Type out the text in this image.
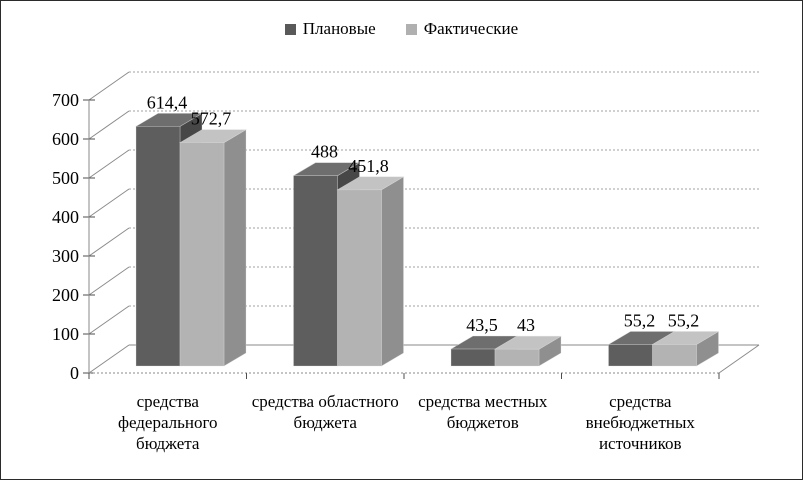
Плановые	Фактические
0
100
200
300
400
500
600
700	614,4
572,7
488
451,8
43,5 43	55,2 55,2
средства федерального бюджета
средства областного бюджета
средства местных бюджетов
средства внебюджетных источников
